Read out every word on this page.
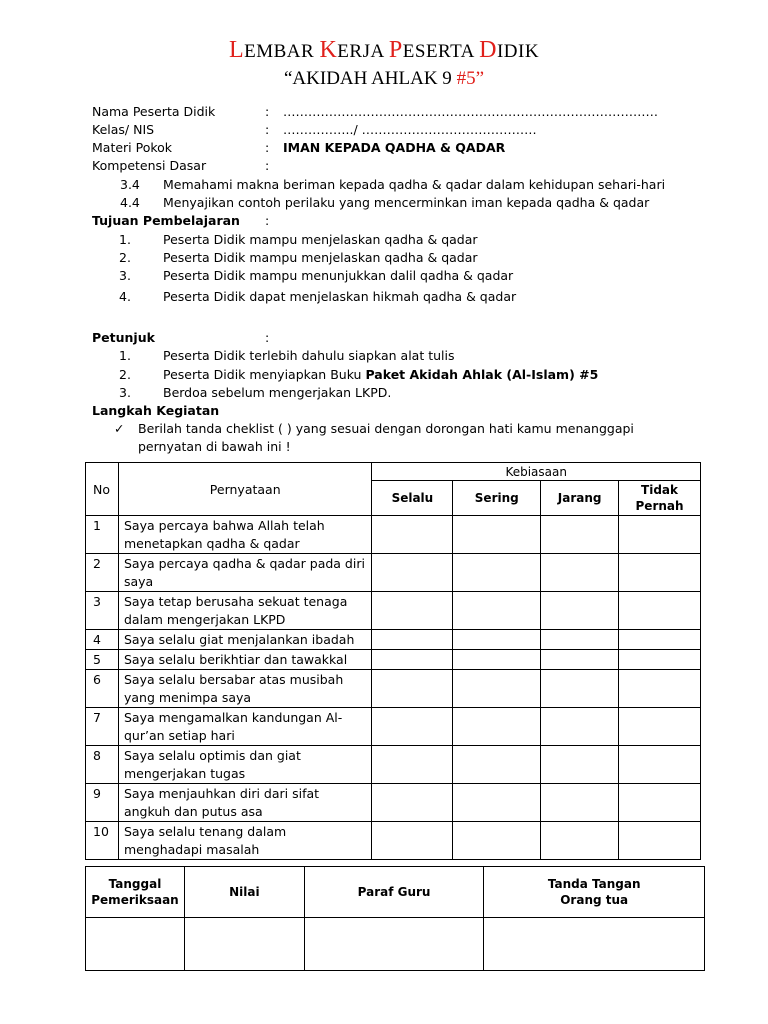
LEMBAR KERJA PESERTA DIDIK
“AKIDAH AHLAK 9 #5”
Nama Peserta Didik	: ………………………………………………………………………………
Kelas/ NIS	: ……………../ ……………………………………
Materi Pokok	: IMAN KEPADA QADHA & QADAR
Kompetensi Dasar	:
3.4 Memahami makna beriman kepada qadha & qadar dalam kehidupan sehari-hari
4.4 Menyajikan contoh perilaku yang mencerminkan iman kepada qadha & qadar
Tujuan Pembelajaran :
1.	Peserta Didik mampu menjelaskan qadha & qadar
2.	Peserta Didik mampu menjelaskan qadha & qadar
3.	Peserta Didik mampu menunjukkan dalil qadha & qadar
4.	Peserta Didik dapat menjelaskan hikmah qadha & qadar
Petunjuk	:
1.	Peserta Didik terlebih dahulu siapkan alat tulis
2.	Peserta Didik menyiapkan Buku Paket Akidah Ahlak (Al-Islam) #5
3.	Berdoa sebelum mengerjakan LKPD.
Langkah Kegiatan
✓ Berilah tanda cheklist ( ) yang sesuai dengan dorongan hati kamu menanggapi
pernyatan di bawah ini !
No	Pernyataan	Kebiasaan			
		Selalu	Sering	Jarang	Tidak
Pernah
1	Saya percaya bahwa Allah telah
menetapkan qadha & qadar				
2	Saya percaya qadha & qadar pada diri
saya				
3	Saya tetap berusaha sekuat tenaga
dalam mengerjakan LKPD				
4	Saya selalu giat menjalankan ibadah				
5	Saya selalu berikhtiar dan tawakkal				
6	Saya selalu bersabar atas musibah
yang menimpa saya				
7	Saya mengamalkan kandungan Al-
qur’an setiap hari				
8	Saya selalu optimis dan giat
mengerjakan tugas				
9	Saya menjauhkan diri dari sifat
angkuh dan putus asa				
10	Saya selalu tenang dalam
menghadapi masalah				
Tanggal
Pemeriksaan	Nilai	Paraf Guru	Tanda Tangan
Orang tua
